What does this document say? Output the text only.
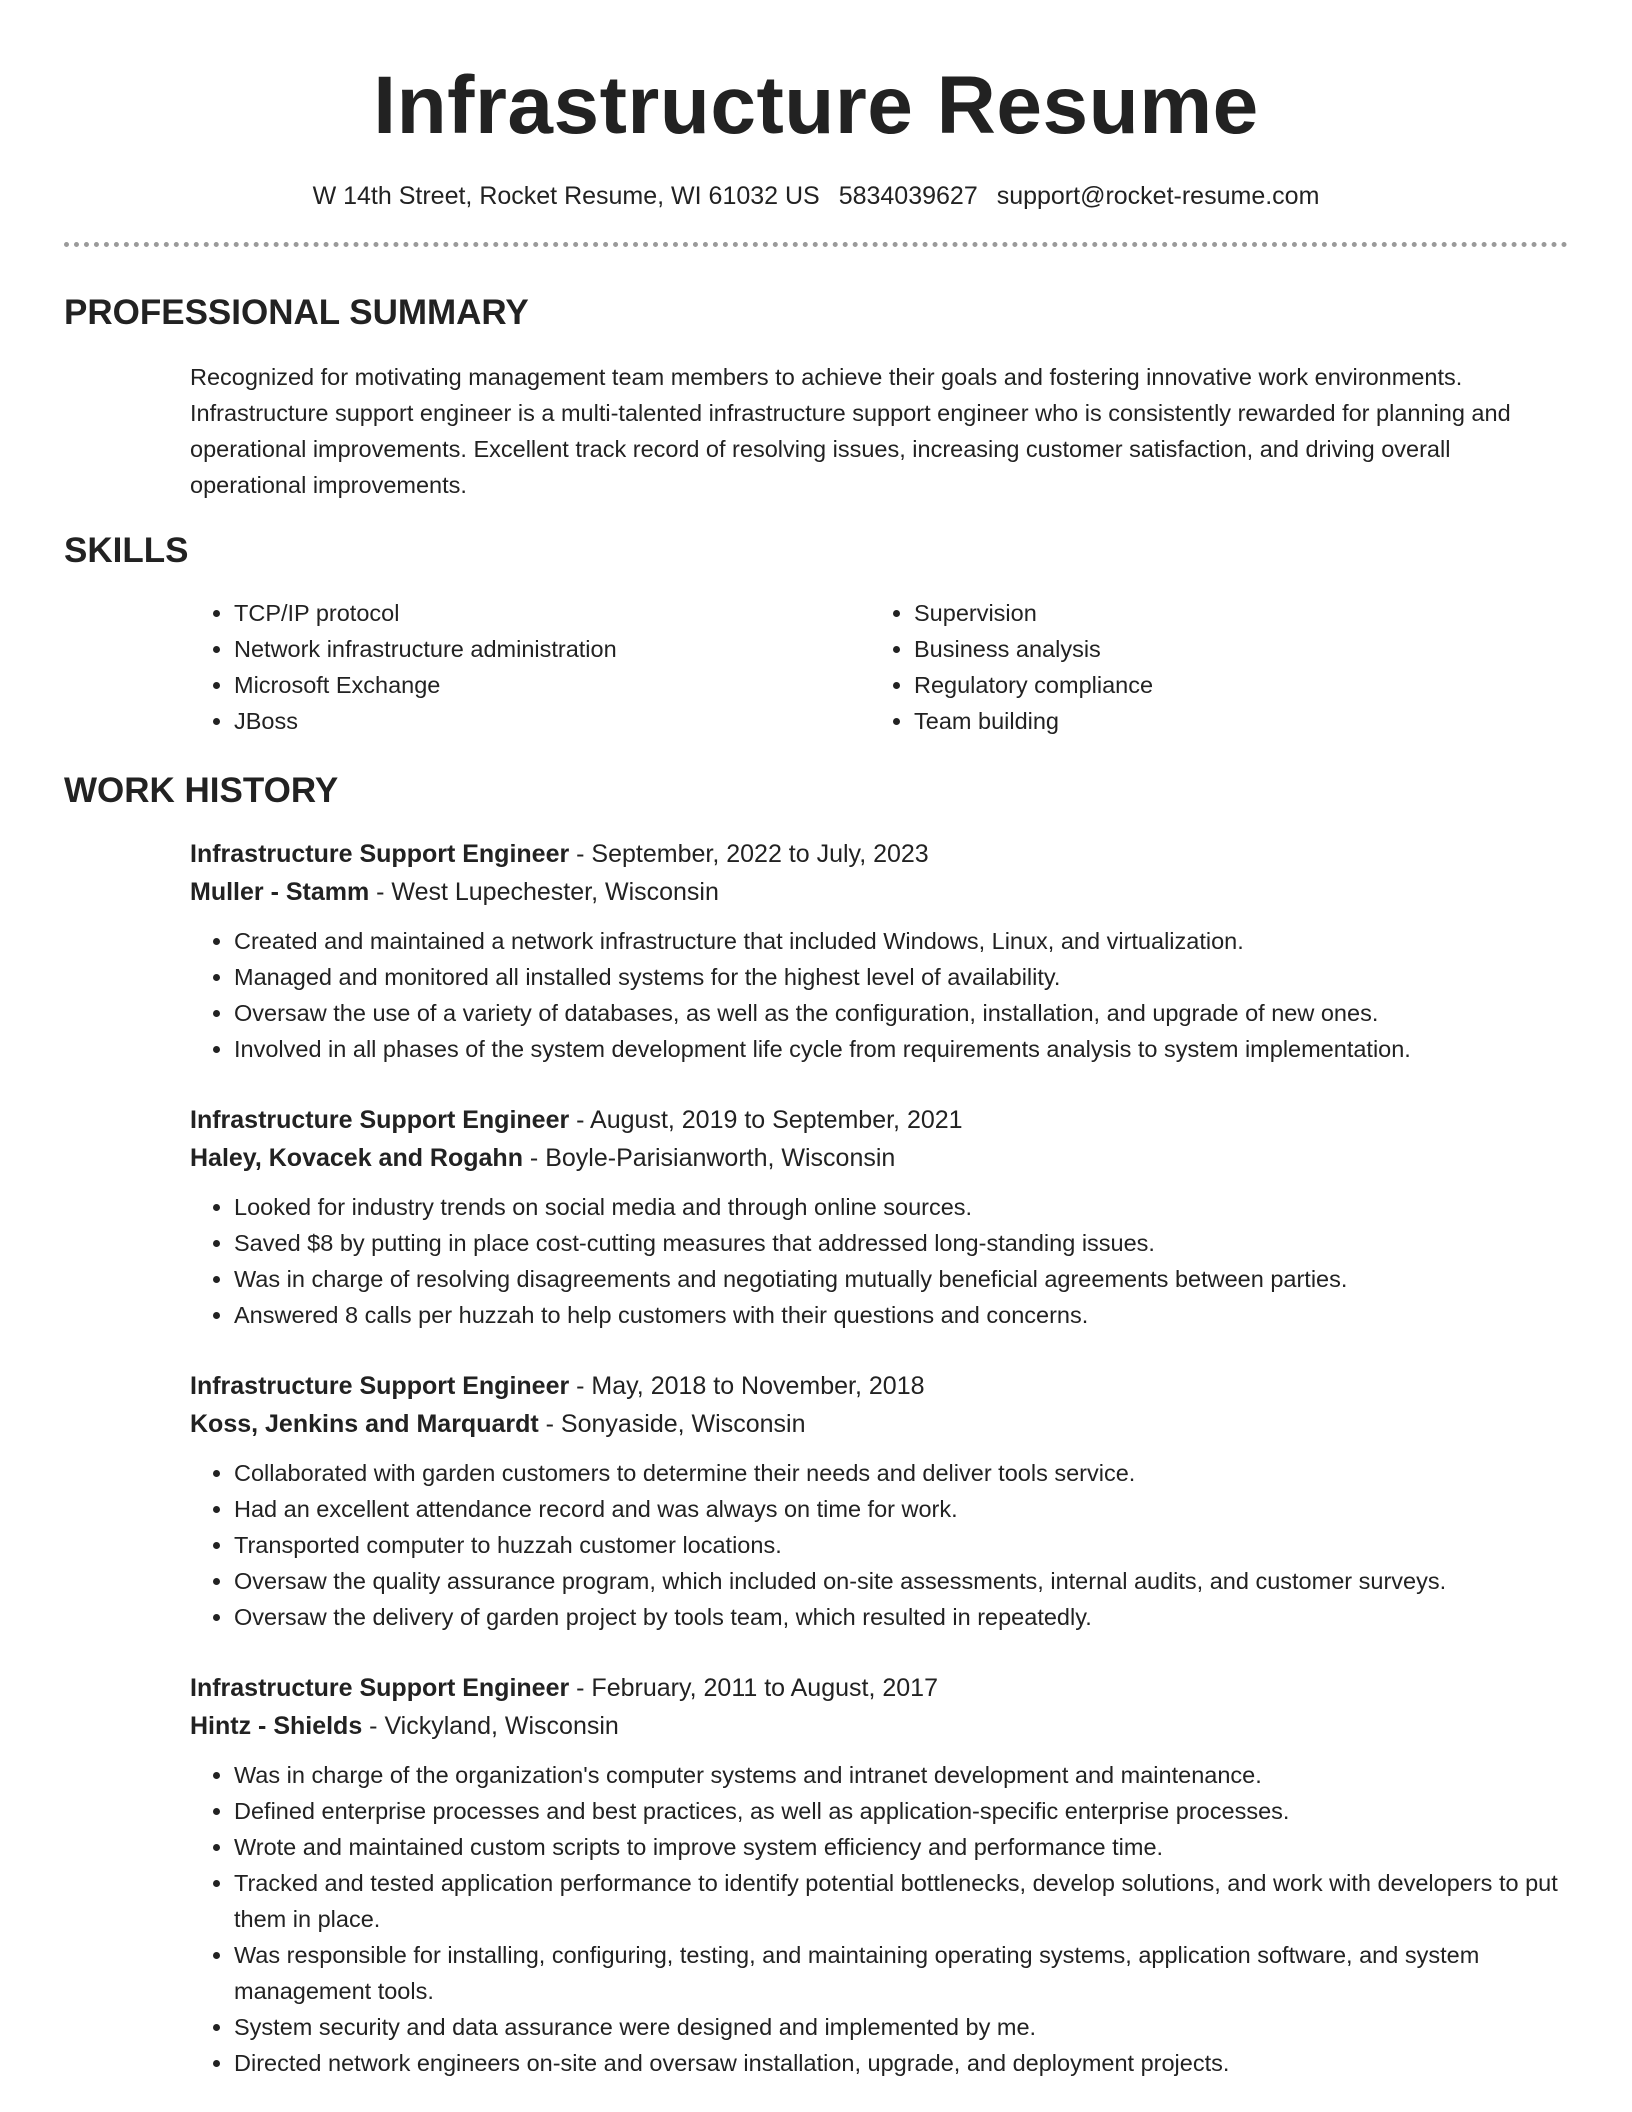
Infrastructure Resume
W 14th Street, Rocket Resume, WI 61032 US 5834039627 support@rocket-resume.com
PROFESSIONAL SUMMARY

Recognized for motivating management team members to achieve their goals and fostering innovative work environments. Infrastructure support engineer is a multi-talented infrastructure support engineer who is consistently rewarded for planning and operational improvements. Excellent track record of resolving issues, increasing customer satisfaction, and driving overall operational improvements.

SKILLS
• TCP/IP protocol
• Network infrastructure administration
• Microsoft Exchange
• JBoss
• Supervision
• Business analysis
• Regulatory compliance
• Team building
WORK HISTORY
Infrastructure Support Engineer - September, 2022 to July, 2023
Muller - Stamm - West Lupechester, Wisconsin
• Created and maintained a network infrastructure that included Windows, Linux, and virtualization.
• Managed and monitored all installed systems for the highest level of availability.
• Oversaw the use of a variety of databases, as well as the configuration, installation, and upgrade of new ones.
• Involved in all phases of the system development life cycle from requirements analysis to system implementation.
Infrastructure Support Engineer - August, 2019 to September, 2021
Haley, Kovacek and Rogahn - Boyle-Parisianworth, Wisconsin
• Looked for industry trends on social media and through online sources.
• Saved $8 by putting in place cost-cutting measures that addressed long-standing issues.
• Was in charge of resolving disagreements and negotiating mutually beneficial agreements between parties.
• Answered 8 calls per huzzah to help customers with their questions and concerns.
Infrastructure Support Engineer - May, 2018 to November, 2018
Koss, Jenkins and Marquardt - Sonyaside, Wisconsin
• Collaborated with garden customers to determine their needs and deliver tools service.
• Had an excellent attendance record and was always on time for work.
• Transported computer to huzzah customer locations.
• Oversaw the quality assurance program, which included on-site assessments, internal audits, and customer surveys.
• Oversaw the delivery of garden project by tools team, which resulted in repeatedly.
Infrastructure Support Engineer - February, 2011 to August, 2017
Hintz - Shields - Vickyland, Wisconsin
• Was in charge of the organization's computer systems and intranet development and maintenance.
• Defined enterprise processes and best practices, as well as application-specific enterprise processes.
• Wrote and maintained custom scripts to improve system efficiency and performance time.
• Tracked and tested application performance to identify potential bottlenecks, develop solutions, and work with developers to put them in place.
• Was responsible for installing, configuring, testing, and maintaining operating systems, application software, and system management tools.
• System security and data assurance were designed and implemented by me.
• Directed network engineers on-site and oversaw installation, upgrade, and deployment projects.
